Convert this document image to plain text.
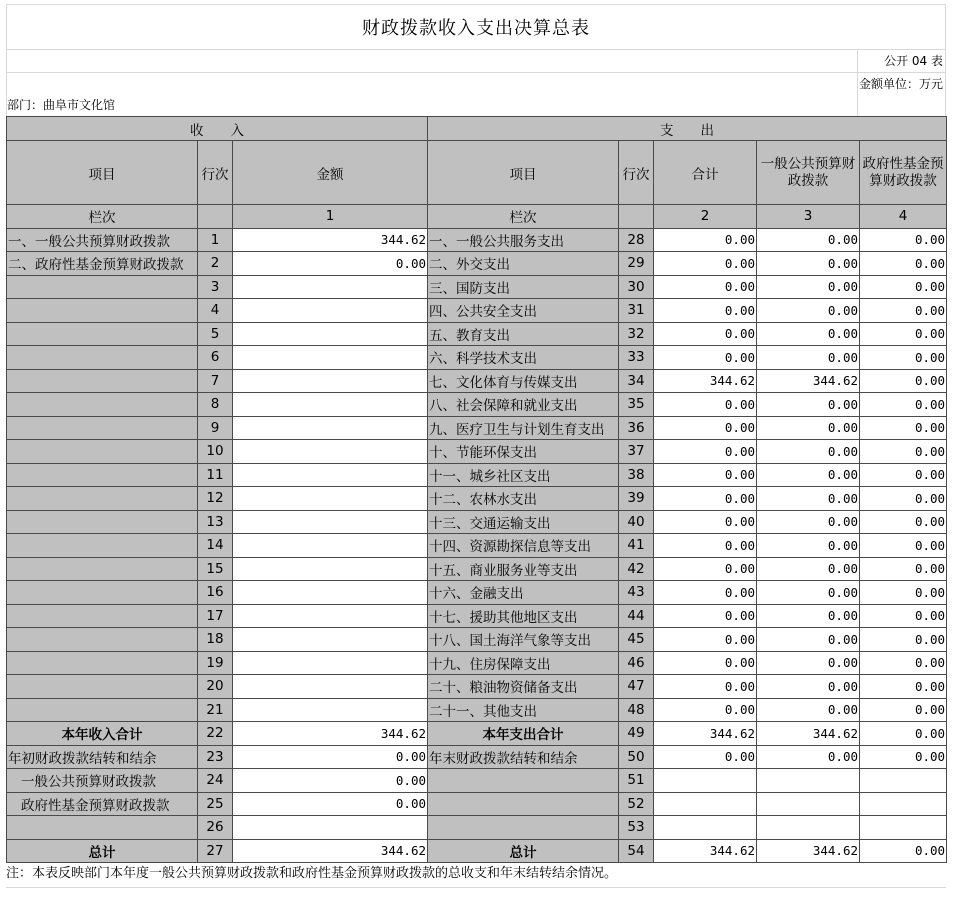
财政拨款收入支出决算总表
公开 04 表
部门：曲阜市文化馆
金额单位：万元
收　　入			支　　出				
项目	行次	金额	项目	行次	合计	一般公共预算财政拨款	政府性基金预算财政拨款
栏次		1	栏次		2	3	4
一、一般公共预算财政拨款	1	344.62	一、一般公共服务支出	28	0.00	0.00	0.00
二、政府性基金预算财政拨款	2	0.00	二、外交支出	29	0.00	0.00	0.00
	3		三、国防支出	30	0.00	0.00	0.00
	4		四、公共安全支出	31	0.00	0.00	0.00
	5		五、教育支出	32	0.00	0.00	0.00
	6		六、科学技术支出	33	0.00	0.00	0.00
	7		七、文化体育与传媒支出	34	344.62	344.62	0.00
	8		八、社会保障和就业支出	35	0.00	0.00	0.00
	9		九、医疗卫生与计划生育支出	36	0.00	0.00	0.00
	10		十、节能环保支出	37	0.00	0.00	0.00
	11		十一、城乡社区支出	38	0.00	0.00	0.00
	12		十二、农林水支出	39	0.00	0.00	0.00
	13		十三、交通运输支出	40	0.00	0.00	0.00
	14		十四、资源勘探信息等支出	41	0.00	0.00	0.00
	15		十五、商业服务业等支出	42	0.00	0.00	0.00
	16		十六、金融支出	43	0.00	0.00	0.00
	17		十七、援助其他地区支出	44	0.00	0.00	0.00
	18		十八、国土海洋气象等支出	45	0.00	0.00	0.00
	19		十九、住房保障支出	46	0.00	0.00	0.00
	20		二十、粮油物资储备支出	47	0.00	0.00	0.00
	21		二十一、其他支出	48	0.00	0.00	0.00
本年收入合计	22	344.62	本年支出合计	49	344.62	344.62	0.00
年初财政拨款结转和结余	23	0.00	年末财政拨款结转和结余	50	0.00	0.00	0.00
一般公共预算财政拨款	24	0.00		51			
政府性基金预算财政拨款	25	0.00		52			
	26			53			
总计	27	344.62	总计	54	344.62	344.62	0.00
注：本表反映部门本年度一般公共预算财政拨款和政府性基金预算财政拨款的总收支和年末结转结余情况。
